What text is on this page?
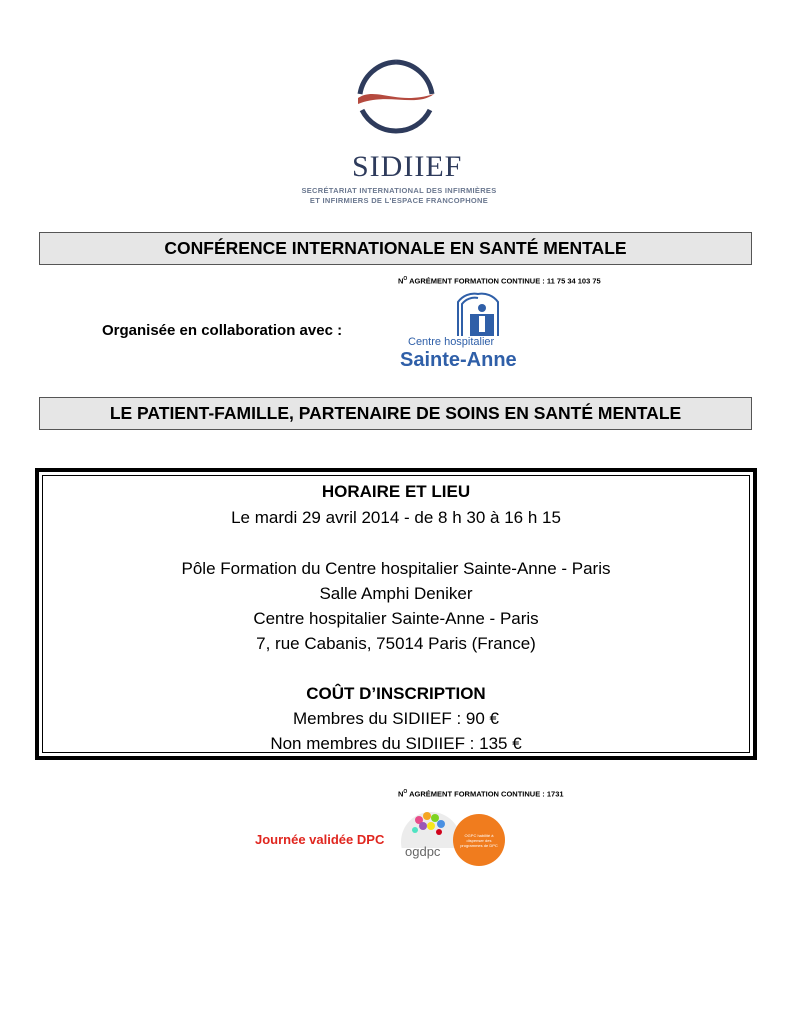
SIDIIEF
SECRÉTARIAT INTERNATIONAL DES INFIRMIÈRES
ET INFIRMIERS DE L'ESPACE FRANCOPHONE
CONFÉRENCE INTERNATIONALE EN SANTÉ MENTALE
$N^O$ AGRÉMENT FORMATION CONTINUE : 11 75 34 103 75
Organisée en collaboration avec :
Centre hospitalier
Sainte-Anne
LE PATIENT-FAMILLE, PARTENAIRE DE SOINS EN SANTÉ MENTALE
HORAIRE ET LIEU
Le mardi 29 avril 2014 - de 8 h 30 à 16 h 15
Pôle Formation du Centre hospitalier Sainte-Anne - Paris
Salle Amphi Deniker
Centre hospitalier Sainte-Anne - Paris
7, rue Cabanis, 75014 Paris (France)
COÛT D’INSCRIPTION
Membres du SIDIIEF : 90 €
Non membres du SIDIIEF : 135 €
$N^O$ AGRÉMENT FORMATION CONTINUE : 1731
Journée validée DPC
ogdpc
OGPC habilité à dispenser des programmes de DPC
